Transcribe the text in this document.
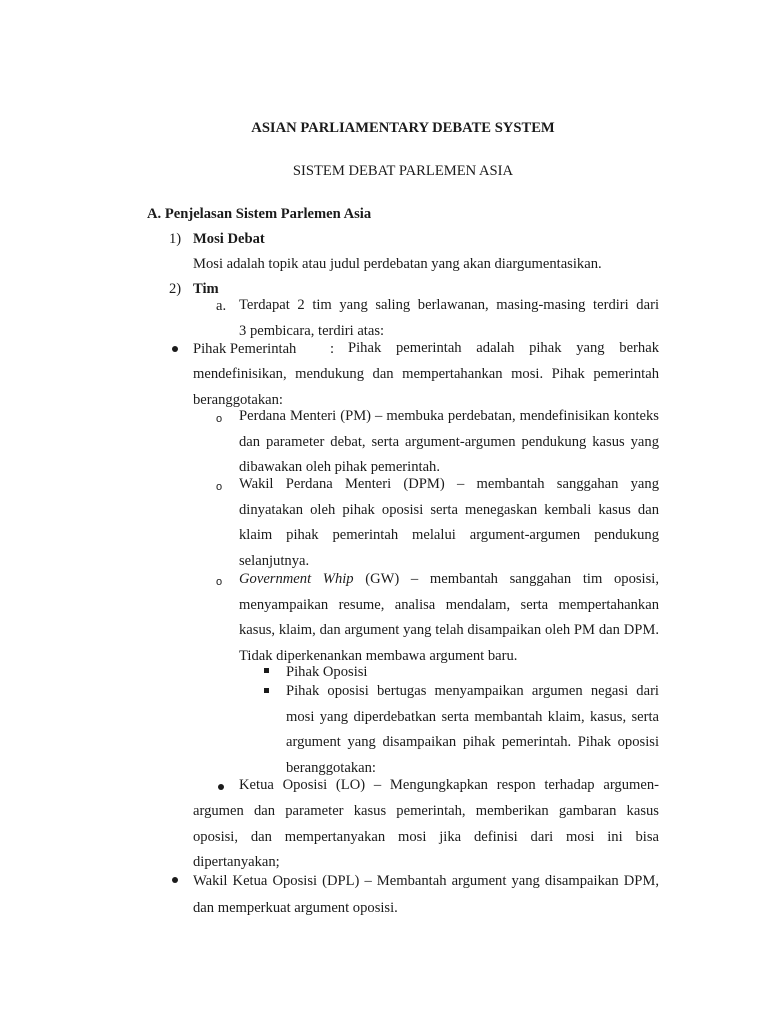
ASIAN PARLIAMENTARY DEBATE SYSTEM
SISTEM DEBAT PARLEMEN ASIA
A. Penjelasan Sistem Parlemen Asia
1) Mosi Debat
Mosi adalah topik atau judul perdebatan yang akan diargumentasikan.
2) Tim
a. Terdapat 2 tim yang saling berlawanan, masing-masing terdiri dari
3 pembicara, terdiri atas:
Pihak Pemerintah : Pihak pemerintah adalah pihak yang berhak
mendefinisikan, mendukung dan mempertahankan mosi. Pihak pemerintah beranggotakan:
o Perdana Menteri (PM) – membuka perdebatan, mendefinisikan konteks dan parameter debat, serta argument-argumen pendukung kasus yang dibawakan oleh pihak pemerintah.
o Wakil Perdana Menteri (DPM) – membantah sanggahan yang dinyatakan oleh pihak oposisi serta menegaskan kembali kasus dan klaim pihak pemerintah melalui argument-argumen pendukung selanjutnya.
o Government Whip (GW) – membantah sanggahan tim oposisi, menyampaikan resume, analisa mendalam, serta mempertahankan kasus, klaim, dan argument yang telah disampaikan oleh PM dan DPM. Tidak diperkenankan membawa argument baru.
Pihak Oposisi
Pihak oposisi bertugas menyampaikan argumen negasi dari mosi yang diperdebatkan serta membantah klaim, kasus, serta argument yang disampaikan pihak pemerintah. Pihak oposisi beranggotakan:
Ketua Oposisi (LO) – Mengungkapkan respon terhadap argumen-
argumen dan parameter kasus pemerintah, memberikan gambaran kasus oposisi, dan mempertanyakan mosi jika definisi dari mosi ini bisa dipertanyakan;
Wakil Ketua Oposisi (DPL) – Membantah argument yang disampaikan DPM, dan memperkuat argument oposisi.
